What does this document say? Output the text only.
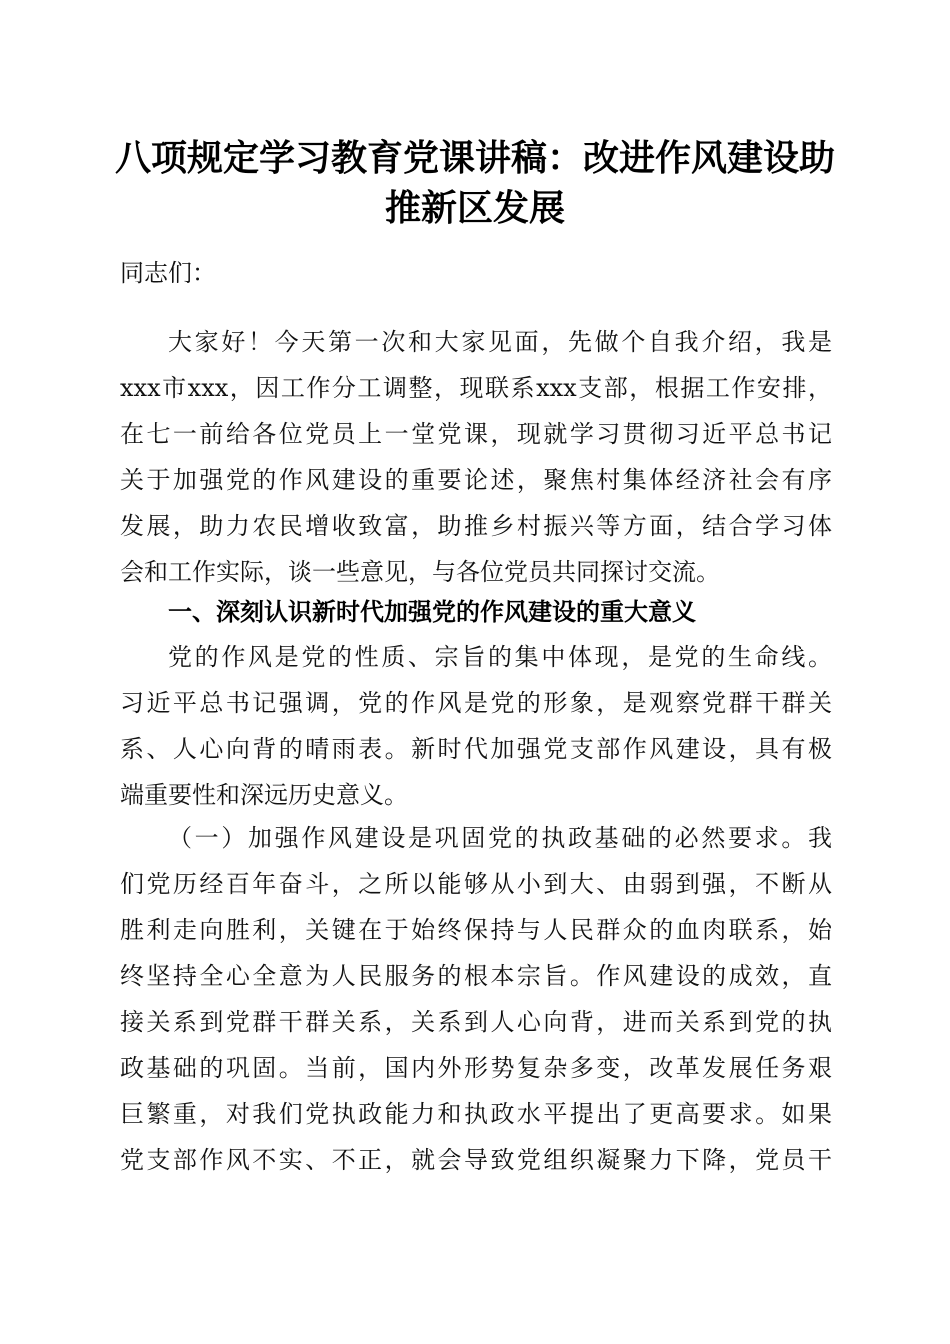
八项规定学习教育党课讲稿：改进作风建设助
推新区发展
同志们：
大家好！今天第一次和大家见面，先做个自我介绍，我是
xxx市xxx，因工作分工调整，现联系xxx支部，根据工作安排，
在七一前给各位党员上一堂党课，现就学习贯彻习近平总书记
关于加强党的作风建设的重要论述，聚焦村集体经济社会有序
发展，助力农民增收致富，助推乡村振兴等方面，结合学习体
会和工作实际，谈一些意见，与各位党员共同探讨交流。
一、深刻认识新时代加强党的作风建设的重大意义
党的作风是党的性质、宗旨的集中体现，是党的生命线。
习近平总书记强调，党的作风是党的形象，是观察党群干群关
系、人心向背的晴雨表。新时代加强党支部作风建设，具有极
端重要性和深远历史意义。
（一）加强作风建设是巩固党的执政基础的必然要求。我
们党历经百年奋斗，之所以能够从小到大、由弱到强，不断从
胜利走向胜利，关键在于始终保持与人民群众的血肉联系，始
终坚持全心全意为人民服务的根本宗旨。作风建设的成效，直
接关系到党群干群关系，关系到人心向背，进而关系到党的执
政基础的巩固。当前，国内外形势复杂多变，改革发展任务艰
巨繁重，对我们党执政能力和执政水平提出了更高要求。如果
党支部作风不实、不正，就会导致党组织凝聚力下降，党员干
